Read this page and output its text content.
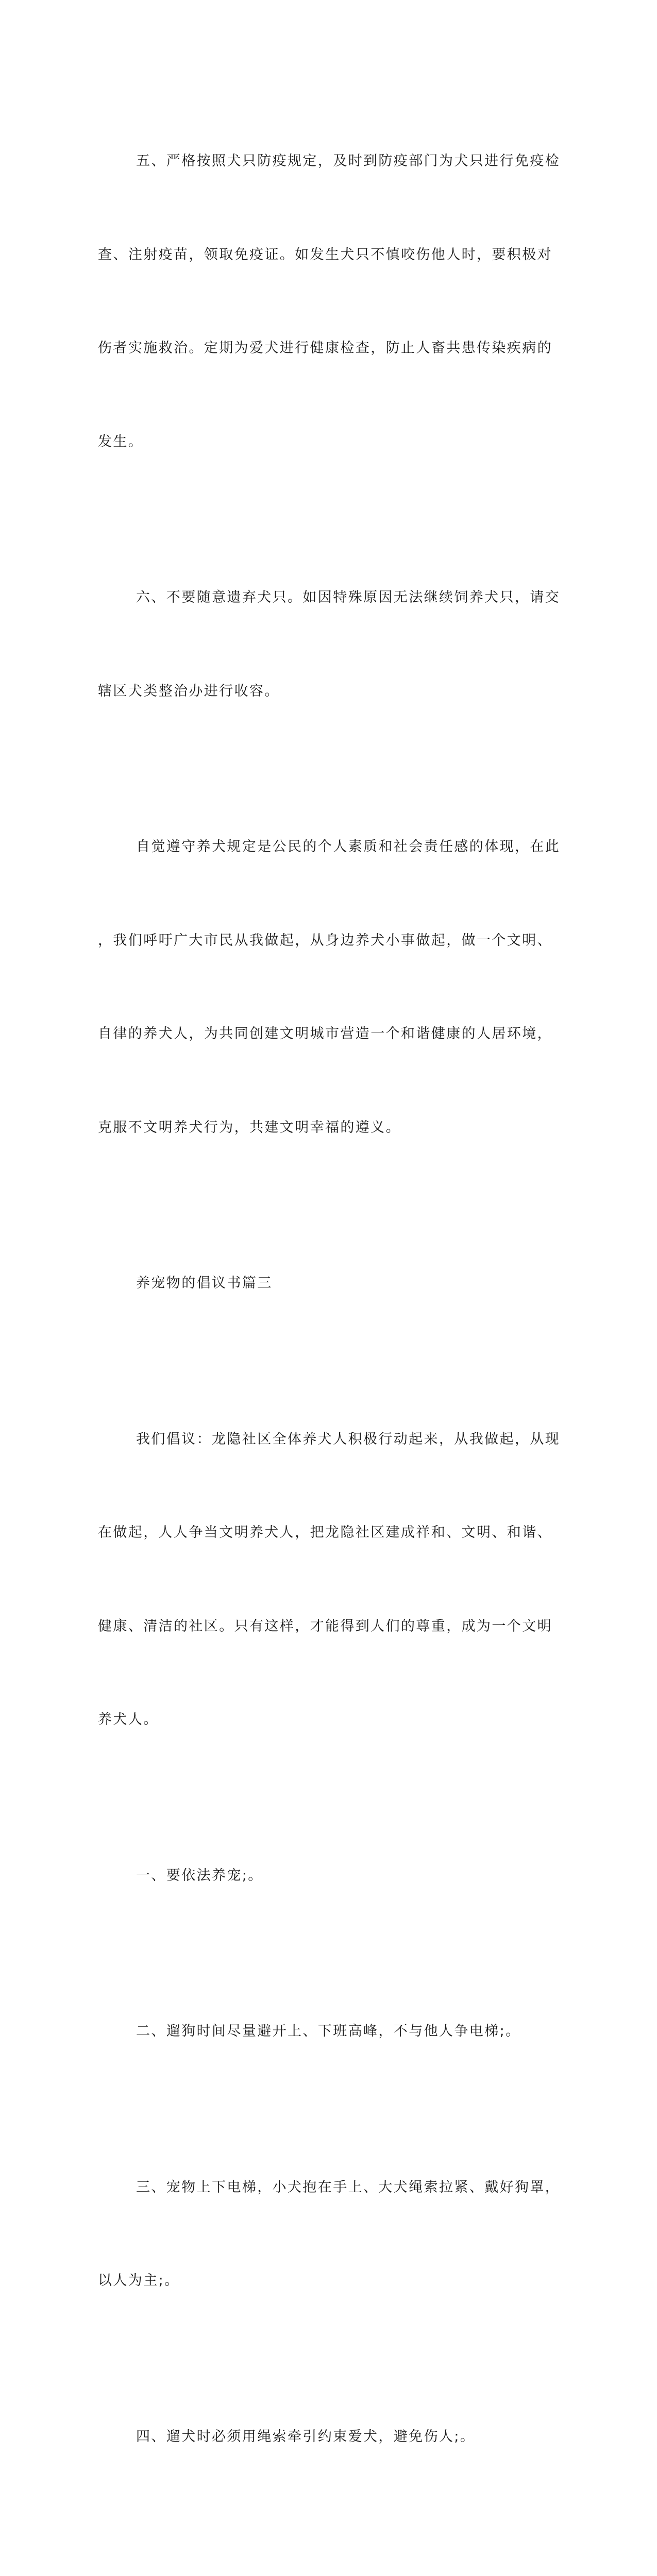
五、严格按照犬只防疫规定，及时到防疫部门为犬只进行免疫检

查、注射疫苗，领取免疫证。如发生犬只不慎咬伤他人时，要积极对

伤者实施救治。定期为爱犬进行健康检查，防止人畜共患传染疾病的

发生。

六、不要随意遗弃犬只。如因特殊原因无法继续饲养犬只，请交

辖区犬类整治办进行收容。

自觉遵守养犬规定是公民的个人素质和社会责任感的体现，在此

，我们呼吁广大市民从我做起，从身边养犬小事做起，做一个文明、

自律的养犬人，为共同创建文明城市营造一个和谐健康的人居环境，

克服不文明养犬行为，共建文明幸福的遵义。

养宠物的倡议书篇三

我们倡议：龙隐社区全体养犬人积极行动起来，从我做起，从现

在做起，人人争当文明养犬人，把龙隐社区建成祥和、文明、和谐、

健康、清洁的社区。只有这样，才能得到人们的尊重，成为一个文明

养犬人。

一、要依法养宠;。

二、遛狗时间尽量避开上、下班高峰，不与他人争电梯;。

三、宠物上下电梯，小犬抱在手上、大犬绳索拉紧、戴好狗罩，

以人为主;。

四、遛犬时必须用绳索牵引约束爱犬，避免伤人;。
